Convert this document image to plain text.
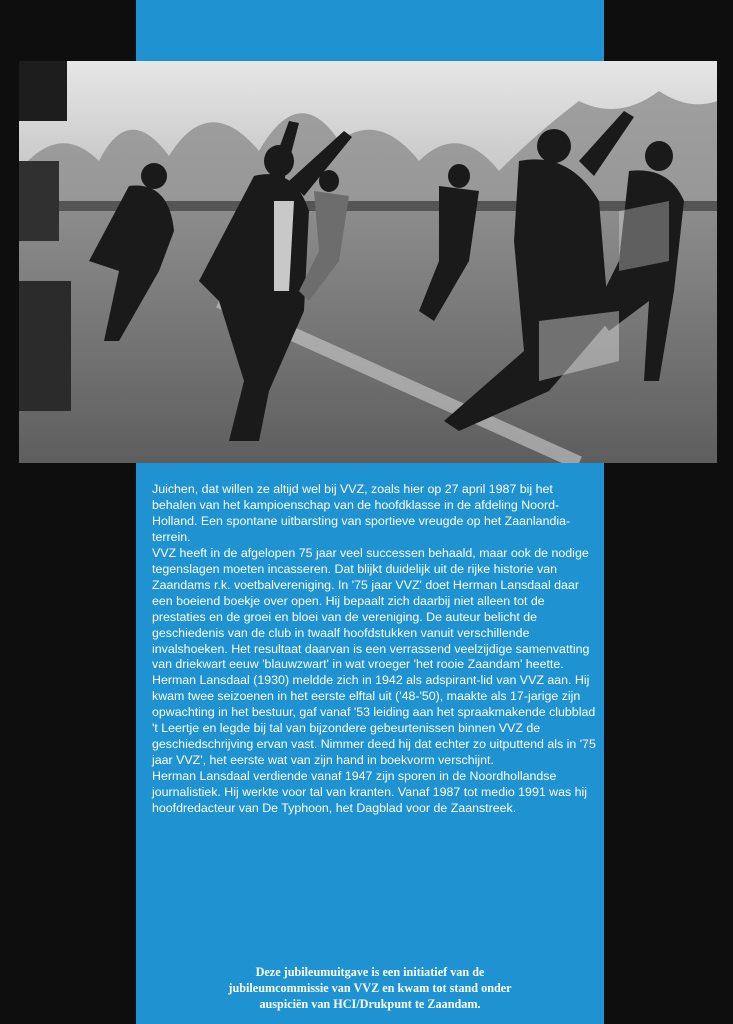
Juichen, dat willen ze altijd wel bij VVZ, zoals hier op 27 april 1987 bij het behalen van het kampioenschap van de hoofdklasse in de afdeling Noord-Holland. Een spontane uitbarsting van sportieve vreugde op het Zaanlandia-terrein.

VVZ heeft in de afgelopen 75 jaar veel successen behaald, maar ook de nodige tegenslagen moeten incasseren. Dat blijkt duidelijk uit de rijke historie van Zaandams r.k. voetbalvereniging. In '75 jaar VVZ' doet Herman Lansdaal daar een boeiend boekje over open. Hij bepaalt zich daarbij niet alleen tot de prestaties en de groei en bloei van de vereniging. De auteur belicht de geschiedenis van de club in twaalf hoofdstukken vanuit verschillende invalshoeken. Het resultaat daarvan is een verrassend veelzijdige samenvatting van driekwart eeuw 'blauwzwart' in wat vroeger 'het rooie Zaandam' heette.

Herman Lansdaal (1930) meldde zich in 1942 als adspirant-lid van VVZ aan. Hij kwam twee seizoenen in het eerste elftal uit ('48-'50), maakte als 17-jarige zijn opwachting in het bestuur, gaf vanaf '53 leiding aan het spraakmakende clubblad 't Leertje en legde bij tal van bijzondere gebeurtenissen binnen VVZ de geschiedschrijving ervan vast. Nimmer deed hij dat echter zo uitputtend als in '75 jaar VVZ', het eerste wat van zijn hand in boekvorm verschijnt.

Herman Lansdaal verdiende vanaf 1947 zijn sporen in de Noordhollandse journalistiek. Hij werkte voor tal van kranten. Vanaf 1987 tot medio 1991 was hij hoofdredacteur van De Typhoon, het Dagblad voor de Zaanstreek.

Deze jubileumuitgave is een initiatief van de

jubileumcommissie van VVZ en kwam tot stand onder

auspiciën van HCI/Drukpunt te Zaandam.
